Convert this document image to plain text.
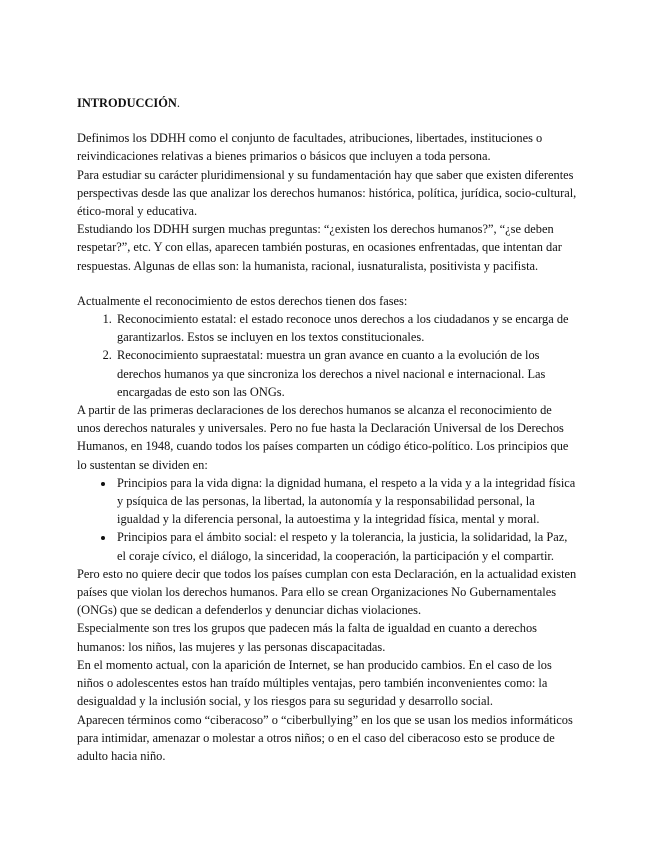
INTRODUCCIÓN.

Definimos los DDHH como el conjunto de facultades, atribuciones, libertades, instituciones o reivindicaciones relativas a bienes primarios o básicos que incluyen a toda persona.

Para estudiar su carácter pluridimensional y su fundamentación hay que saber que existen diferentes perspectivas desde las que analizar los derechos humanos: histórica, política, jurídica, socio-cultural, ético-moral y educativa.

Estudiando los DDHH surgen muchas preguntas: “¿existen los derechos humanos?”, “¿se deben respetar?”, etc. Y con ellas, aparecen también posturas, en ocasiones enfrentadas, que intentan dar respuestas. Algunas de ellas son: la humanista, racional, iusnaturalista, positivista y pacifista.

Actualmente el reconocimiento de estos derechos tienen dos fases:

1. Reconocimiento estatal: el estado reconoce unos derechos a los ciudadanos y se encarga de garantizarlos. Estos se incluyen en los textos constitucionales.
2. Reconocimiento supraestatal: muestra un gran avance en cuanto a la evolución de los derechos humanos ya que sincroniza los derechos a nivel nacional e internacional. Las encargadas de esto son las ONGs.

A partir de las primeras declaraciones de los derechos humanos se alcanza el reconocimiento de unos derechos naturales y universales. Pero no fue hasta la Declaración Universal de los Derechos Humanos, en 1948, cuando todos los países comparten un código ético-político. Los principios que lo sustentan se dividen en:

• Principios para la vida digna: la dignidad humana, el respeto a la vida y a la integridad física y psíquica de las personas, la libertad, la autonomía y la responsabilidad personal, la igualdad y la diferencia personal, la autoestima y la integridad física, mental y moral.
• Principios para el ámbito social: el respeto y la tolerancia, la justicia, la solidaridad, la Paz, el coraje cívico, el diálogo, la sinceridad, la cooperación, la participación y el compartir.

Pero esto no quiere decir que todos los países cumplan con esta Declaración, en la actualidad existen países que violan los derechos humanos. Para ello se crean Organizaciones No Gubernamentales (ONGs) que se dedican a defenderlos y denunciar dichas violaciones.

Especialmente son tres los grupos que padecen más la falta de igualdad en cuanto a derechos humanos: los niños, las mujeres y las personas discapacitadas.

En el momento actual, con la aparición de Internet, se han producido cambios. En el caso de los niños o adolescentes estos han traído múltiples ventajas, pero también inconvenientes como: la desigualdad y la inclusión social, y los riesgos para su seguridad y desarrollo social.

Aparecen términos como “ciberacoso” o “ciberbullying” en los que se usan los medios informáticos para intimidar, amenazar o molestar a otros niños; o en el caso del ciberacoso esto se produce de adulto hacia niño.
